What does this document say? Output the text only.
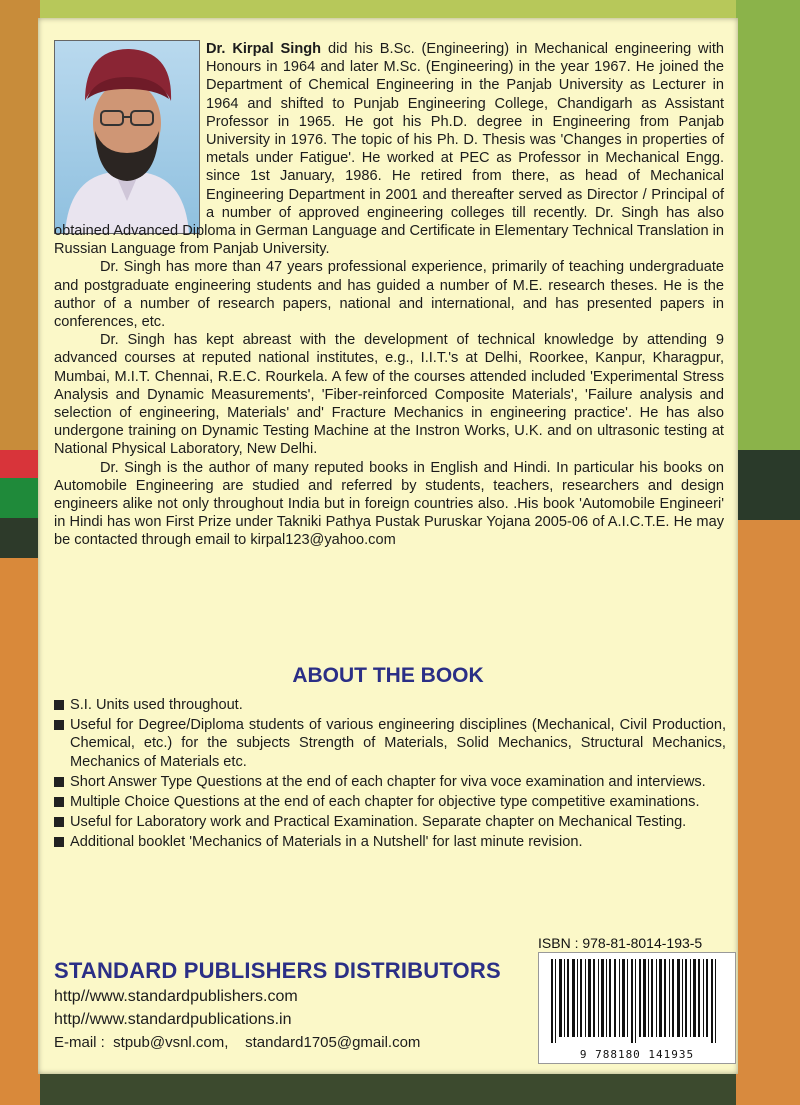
Dr. Kirpal Singh did his B.Sc. (Engineering) in Mechanical engineering with Honours in 1964 and later M.Sc. (Engineering) in the year 1967. He joined the Department of Chemical Engineering in the Panjab University as Lecturer in 1964 and shifted to Punjab Engineering College, Chandigarh as Assistant Professor in 1965. He got his Ph.D. degree in Engineering from Panjab University in 1976. The topic of his Ph. D. Thesis was 'Changes in properties of metals under Fatigue'. He worked at PEC as Professor in Mechanical Engg. since 1st January, 1986. He retired from there, as head of Mechanical Engineering Department in 2001 and thereafter served as Director / Principal of a number of approved engineering colleges till recently. Dr. Singh has also obtained Advanced Diploma in German Language and Certificate in Elementary Technical Translation in Russian Language from Panjab University.

Dr. Singh has more than 47 years professional experience, primarily of teaching undergraduate and postgraduate engineering students and has guided a number of M.E. research theses. He is the author of a number of research papers, national and international, and has presented papers in conferences, etc.

Dr. Singh has kept abreast with the development of technical knowledge by attending 9 advanced courses at reputed national institutes, e.g., I.I.T.'s at Delhi, Roorkee, Kanpur, Kharagpur, Mumbai, M.I.T. Chennai, R.E.C. Rourkela. A few of the courses attended included 'Experimental Stress Analysis and Dynamic Measurements', 'Fiber-reinforced Composite Materials', 'Failure analysis and selection of engineering, Materials' and' Fracture Mechanics in engineering practice'. He has also undergone training on Dynamic Testing Machine at the Instron Works, U.K. and on ultrasonic testing at National Physical Laboratory, New Delhi.

Dr. Singh is the author of many reputed books in English and Hindi. In particular his books on Automobile Engineering are studied and referred by students, teachers, researchers and design engineers alike not only throughout India but in foreign countries also. .His book 'Automobile Engineeri' in Hindi has won First Prize under Takniki Pathya Pustak Puruskar Yojana 2005-06 of A.I.C.T.E. He may be contacted through email to kirpal123@yahoo.com

ABOUT THE BOOK
S.I. Units used throughout.
Useful for Degree/Diploma students of various engineering disciplines (Mechanical, Civil Production, Chemical, etc.) for the subjects Strength of Materials, Solid Mechanics, Structural Mechanics, Mechanics of Materials etc.
Short Answer Type Questions at the end of each chapter for viva voce examination and interviews.
Multiple Choice Questions at the end of each chapter for objective type competitive examinations.
Useful for Laboratory work and Practical Examination. Separate chapter on Mechanical Testing.
Additional booklet 'Mechanics of Materials in a Nutshell' for last minute revision.
ISBN : 978-81-8014-193-5
9 788180 141935
STANDARD PUBLISHERS DISTRIBUTORS
http//www.standardpublishers.com
http//www.standardpublications.in
E-mail :  stpub@vsnl.com,    standard1705@gmail.com
